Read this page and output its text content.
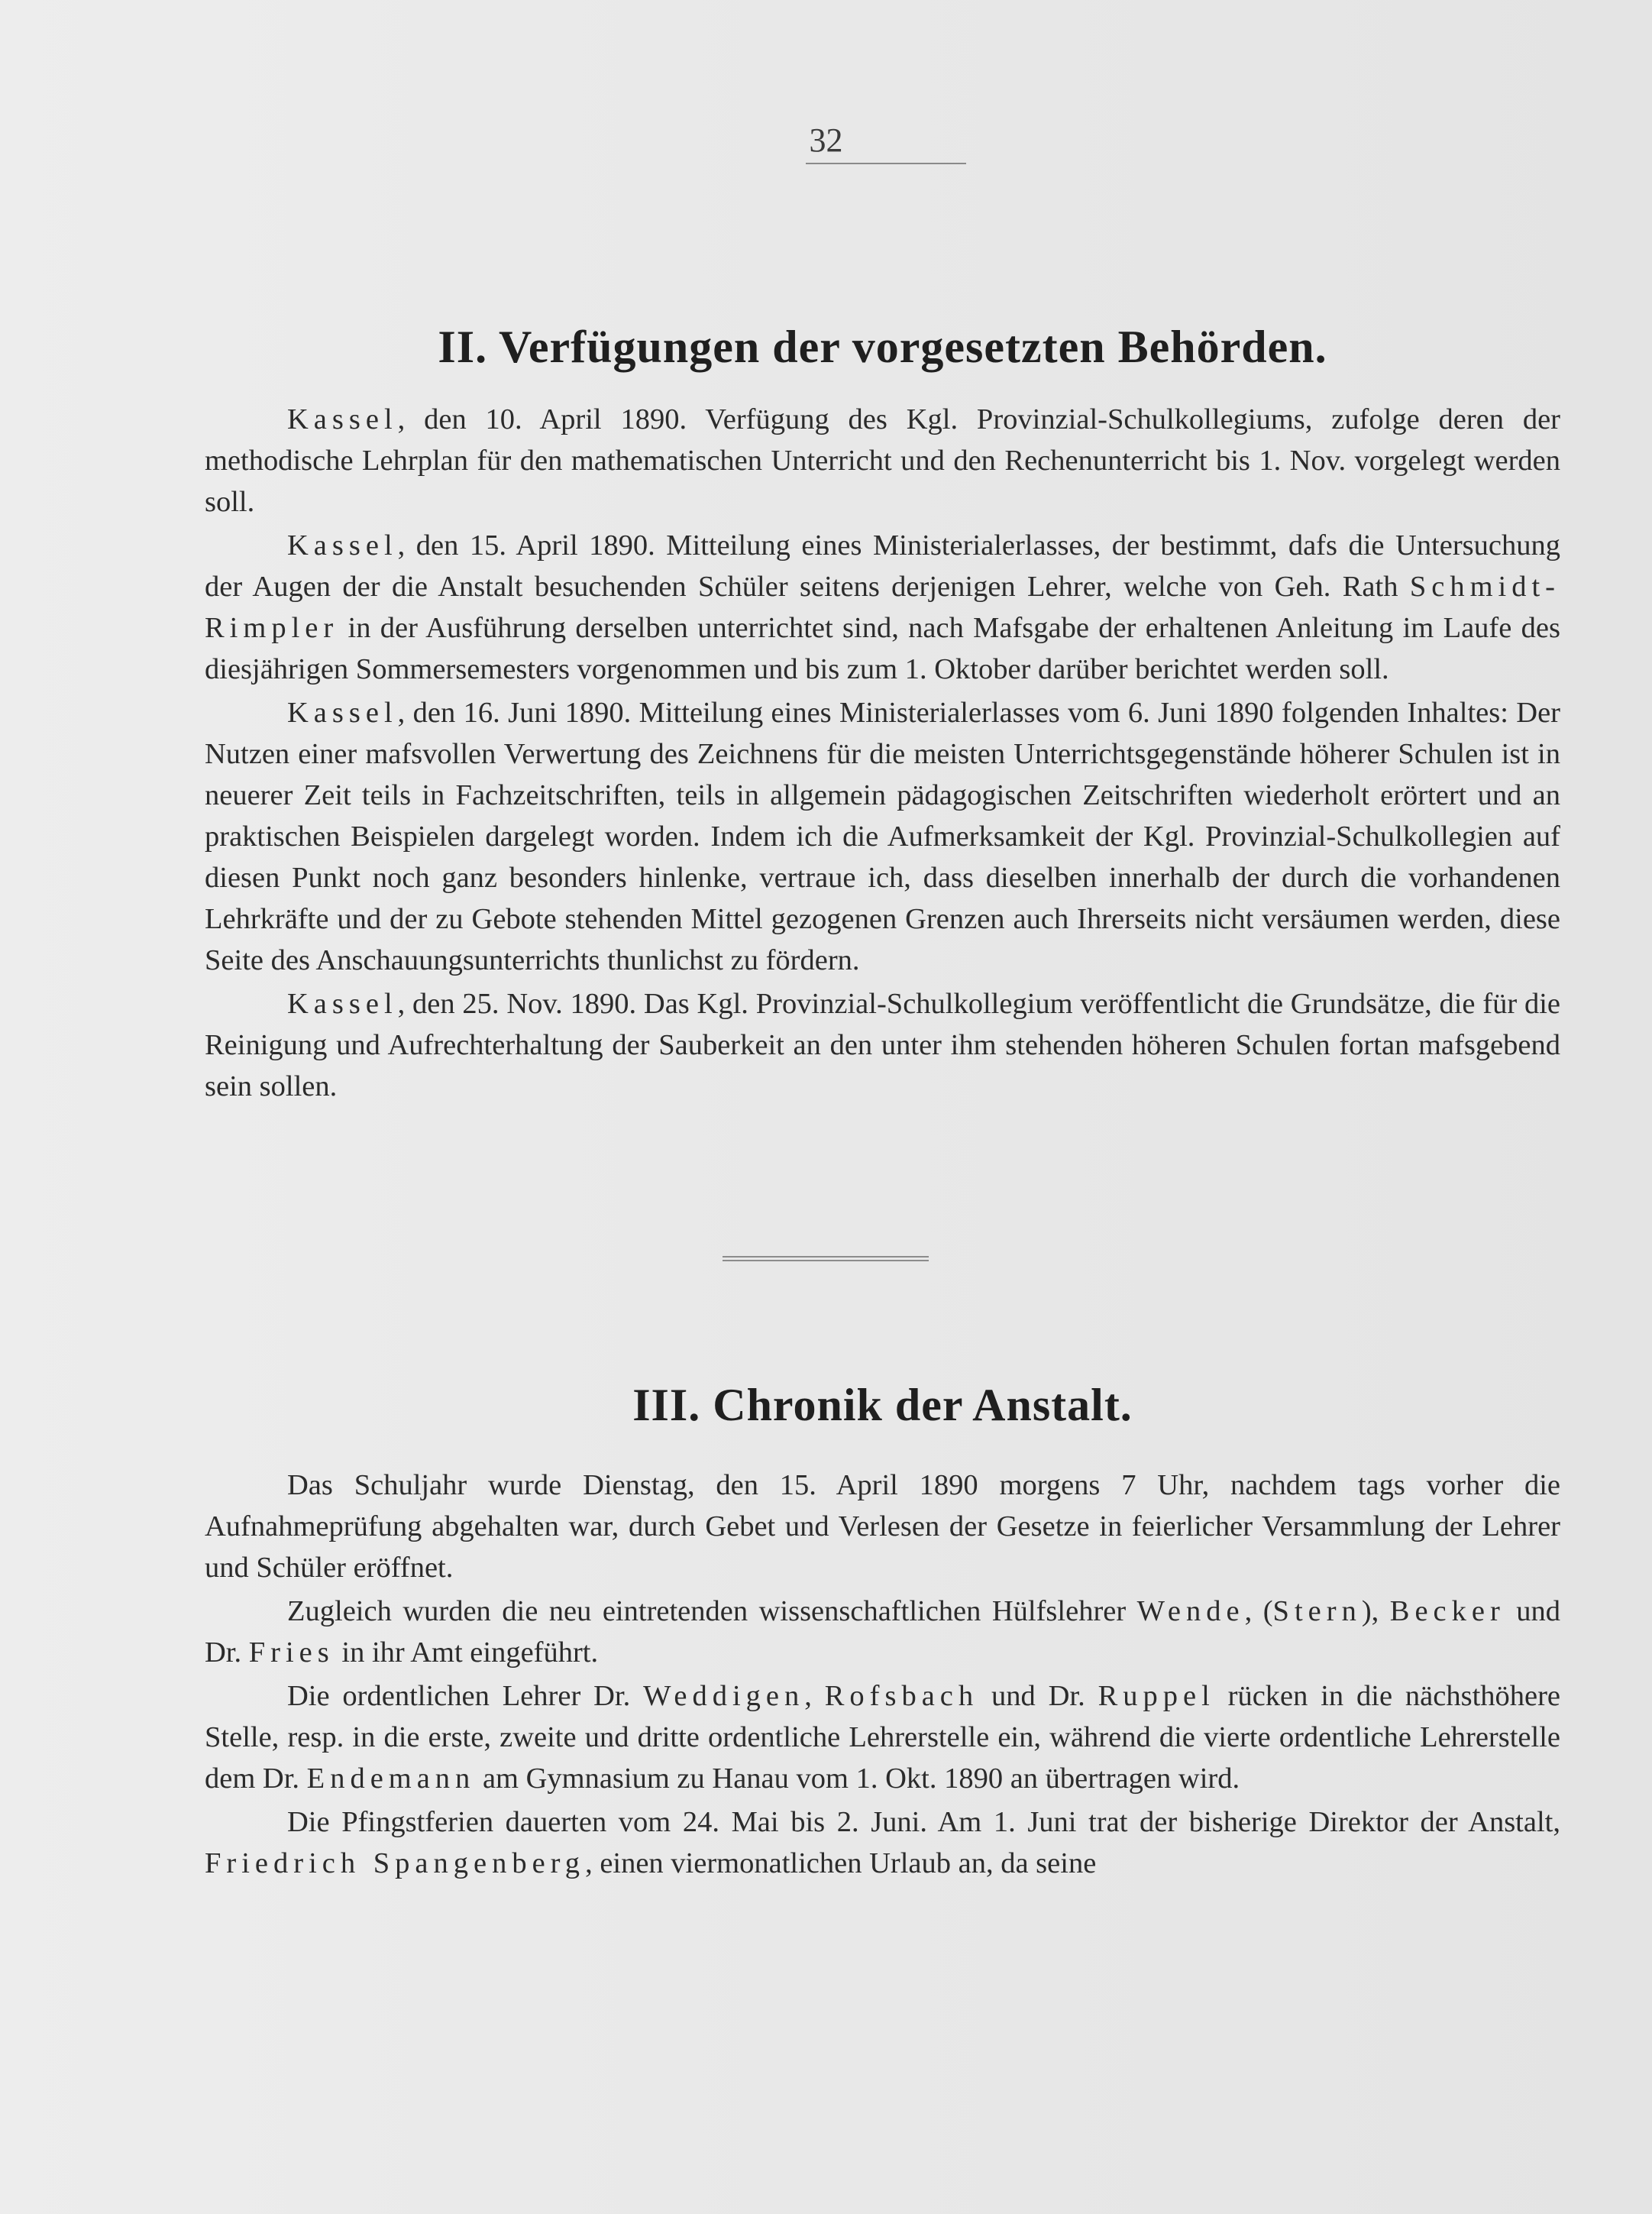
32
II. Verfügungen der vorgesetzten Behörden.

Kassel, den 10. April 1890. Verfügung des Kgl. Provinzial-Schulkollegiums, zufolge deren der methodische Lehrplan für den mathematischen Unterricht und den Rechenunterricht bis 1. Nov. vorgelegt werden soll.

Kassel, den 15. April 1890. Mitteilung eines Ministerialerlasses, der bestimmt, dafs die Untersuchung der Augen der die Anstalt besuchenden Schüler seitens derjenigen Lehrer, welche von Geh. Rath Schmidt-Rimpler in der Ausführung derselben unterrichtet sind, nach Mafsgabe der erhaltenen Anleitung im Laufe des diesjährigen Sommersemesters vorgenommen und bis zum 1. Oktober darüber berichtet werden soll.

Kassel, den 16. Juni 1890. Mitteilung eines Ministerialerlasses vom 6. Juni 1890 folgenden Inhaltes: Der Nutzen einer mafsvollen Verwertung des Zeichnens für die meisten Unterrichtsgegenstände höherer Schulen ist in neuerer Zeit teils in Fachzeitschriften, teils in allgemein pädagogischen Zeitschriften wiederholt erörtert und an praktischen Beispielen dargelegt worden. Indem ich die Aufmerksamkeit der Kgl. Provinzial-Schulkollegien auf diesen Punkt noch ganz besonders hinlenke, vertraue ich, dass dieselben innerhalb der durch die vorhandenen Lehrkräfte und der zu Gebote stehenden Mittel gezogenen Grenzen auch Ihrerseits nicht versäumen werden, diese Seite des Anschauungsunterrichts thunlichst zu fördern.

Kassel, den 25. Nov. 1890. Das Kgl. Provinzial-Schulkollegium veröffentlicht die Grundsätze, die für die Reinigung und Aufrechterhaltung der Sauberkeit an den unter ihm stehenden höheren Schulen fortan mafsgebend sein sollen.

III. Chronik der Anstalt.

Das Schuljahr wurde Dienstag, den 15. April 1890 morgens 7 Uhr, nachdem tags vorher die Aufnahmeprüfung abgehalten war, durch Gebet und Verlesen der Gesetze in feierlicher Versammlung der Lehrer und Schüler eröffnet.

Zugleich wurden die neu eintretenden wissenschaftlichen Hülfslehrer Wende, (Stern), Becker und Dr. Fries in ihr Amt eingeführt.

Die ordentlichen Lehrer Dr. Weddigen, Rofsbach und Dr. Ruppel rücken in die nächsthöhere Stelle, resp. in die erste, zweite und dritte ordentliche Lehrerstelle ein, während die vierte ordentliche Lehrerstelle dem Dr. Endemann am Gymnasium zu Hanau vom 1. Okt. 1890 an übertragen wird.

Die Pfingstferien dauerten vom 24. Mai bis 2. Juni. Am 1. Juni trat der bisherige Direktor der Anstalt, Friedrich Spangenberg, einen viermonatlichen Urlaub an, da seine
